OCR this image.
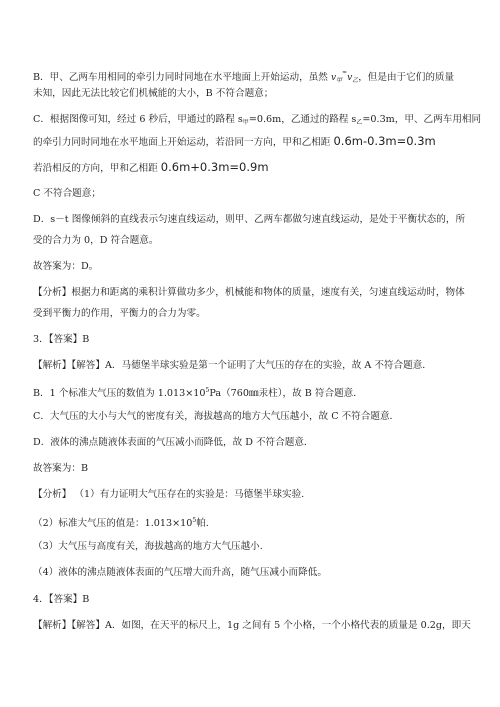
B．甲、乙两车用相同的牵引力同时同地在水平地面上开始运动，虽然 $v_甲^\approx v_乙$，但是由于它们的质量
未知，因此无法比较它们机械能的大小，B 不符合题意；
C．根据图像可知，经过 6 秒后，甲通过的路程 $s_甲=0.6m$，乙通过的路程 $s_乙=0.3m$，甲、乙两车用相同
的牵引力同时同地在水平地面上开始运动，若沿同一方向，甲和乙相距 0.6m-0.3m=0.3m
若沿相反的方向，甲和乙相距 0.6m+0.3m=0.9m
C 不符合题意；
D．s－t 图像倾斜的直线表示匀速直线运动，则甲、乙两车都做匀速直线运动，是处于平衡状态的，所
受的合力为 0，D 符合题意。
故答案为：D。
【分析】根据力和距离的乘积计算做功多少，机械能和物体的质量，速度有关，匀速直线运动时，物体
受到平衡力的作用，平衡力的合力为零。
3．【答案】B
【解析】【解答】A．马德堡半球实验是第一个证明了大气压的存在的实验，故 A 不符合题意．
B．1 个标准大气压的数值为 $1.013\times 10^5Pa(760㎜$汞柱），故 B 符合题意．
C．大气压的大小与大气的密度有关，海拔越高的地方大气压越小，故 C 不符合题意．
D．液体的沸点随液体表面的气压减小而降低，故 D 不符合题意．
故答案为：B
【分析】 （1）有力证明大气压存在的实验是：马德堡半球实验.
（2）标准大气压的值是：$1.013\times 10^5$帕.
（3）大气压与高度有关，海拔越高的地方大气压越小.
（4）液体的沸点随液体表面的气压增大而升高，随气压减小而降低。
4．【答案】B
【解析】【解答】A．如图，在天平的标尺上，1g 之间有 5 个小格，一个小格代表的质量是 0.2g，即天
